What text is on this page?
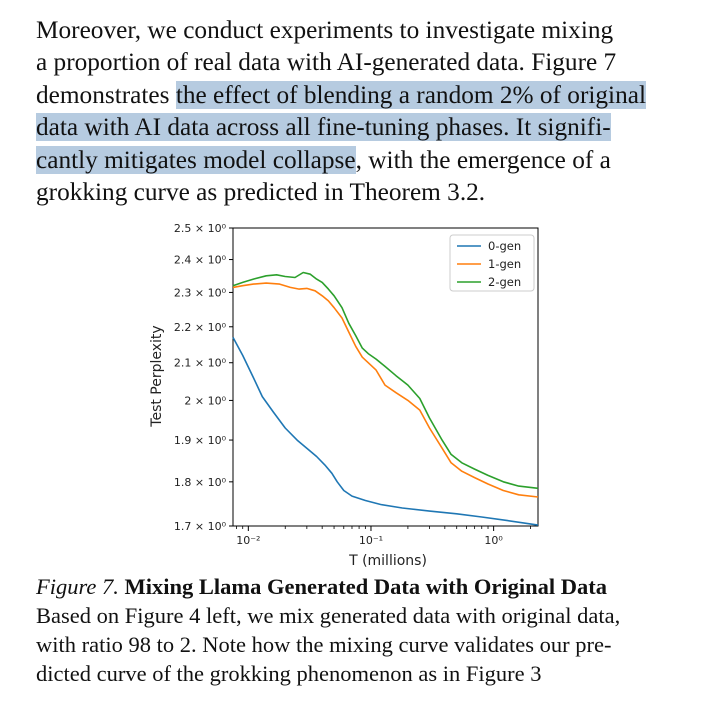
Moreover, we conduct experiments to investigate mixing
a proportion of real data with AI-generated data. Figure 7
demonstrates the effect of blending a random 2% of original
data with AI data across all fine-tuning phases. It signifi-
cantly mitigates model collapse, with the emergence of a
grokking curve as predicted in Theorem 3.2.
1.7 × 10⁰
1.8 × 10⁰
1.9 × 10⁰
2 × 10⁰
2.1 × 10⁰
2.2 × 10⁰
2.3 × 10⁰
2.4 × 10⁰
2.5 × 10⁰
10⁻²	10⁻¹	10⁰
0-gen
1-gen
2-gen
T (millions)
Test Perplexity
Figure 7. Mixing Llama Generated Data with Original Data
Based on Figure 4 left, we mix generated data with original data,
with ratio 98 to 2. Note how the mixing curve validates our pre-
dicted curve of the grokking phenomenon as in Figure 3
